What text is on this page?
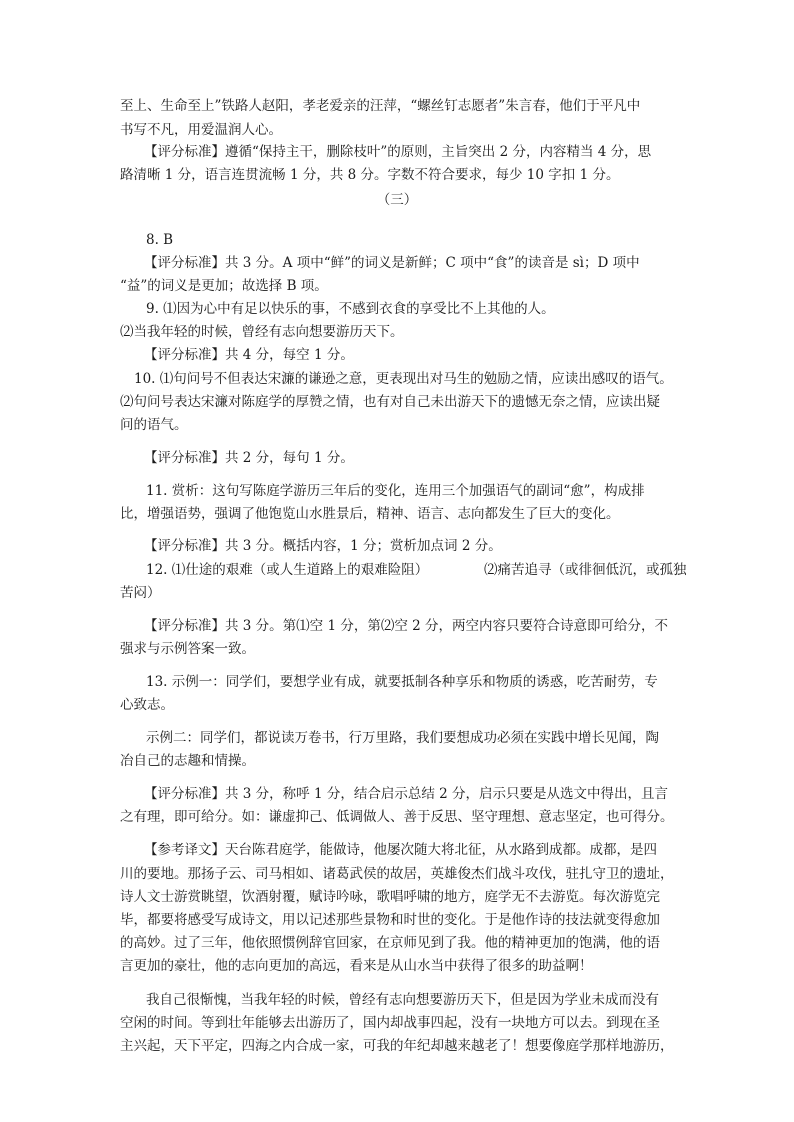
至上、生命至上”铁路人赵阳，孝老爱亲的汪萍，“螺丝钉志愿者”朱言春，他们于平凡中

书写不凡，用爱温润人心。

【评分标准】遵循“保持主干，删除枝叶”的原则，主旨突出 2 分，内容精当 4 分，思

路清晰 1 分，语言连贯流畅 1 分，共 8 分。字数不符合要求，每少 10 字扣 1 分。

（三）

8. B

【评分标准】共 3 分。A 项中“鲜”的词义是新鲜；C 项中“食”的读音是 sì；D 项中

“益”的词义是更加；故选择 B 项。

9. ⑴因为心中有足以快乐的事，不感到衣食的享受比不上其他的人。

⑵当我年轻的时候，曾经有志向想要游历天下。

【评分标准】共 4 分，每空 1 分。

10. ⑴句问号不但表达宋濂的谦逊之意，更表现出对马生的勉励之情，应读出感叹的语气。

⑵句问号表达宋濂对陈庭学的厚赞之情，也有对自己未出游天下的遗憾无奈之情，应读出疑

问的语气。

【评分标准】共 2 分，每句 1 分。

11. 赏析：这句写陈庭学游历三年后的变化，连用三个加强语气的副词“愈”，构成排

比，增强语势，强调了他饱览山水胜景后，精神、语言、志向都发生了巨大的变化。

【评分标准】共 3 分。概括内容，1 分；赏析加点词 2 分。

12. ⑴仕途的艰难（或人生道路上的艰难险阻）	⑵痛苦追寻（或徘徊低沉，或孤独

苦闷）

【评分标准】共 3 分。第⑴空 1 分，第⑵空 2 分，两空内容只要符合诗意即可给分，不

强求与示例答案一致。

13. 示例一：同学们，要想学业有成，就要抵制各种享乐和物质的诱惑，吃苦耐劳，专

心致志。

示例二：同学们，都说读万卷书，行万里路，我们要想成功必须在实践中增长见闻，陶

冶自己的志趣和情操。

【评分标准】共 3 分，称呼 1 分，结合启示总结 2 分，启示只要是从选文中得出，且言

之有理，即可给分。如：谦虚抑己、低调做人、善于反思、坚守理想、意志坚定，也可得分。

【参考译文】天台陈君庭学，能做诗，他屡次随大将北征，从水路到成都。成都，是四

川的要地。那扬子云、司马相如、诸葛武侯的故居，英雄俊杰们战斗攻伐，驻扎守卫的遗址，

诗人文士游赏眺望，饮酒射覆，赋诗吟咏，歌唱呼啸的地方，庭学无不去游览。每次游览完

毕，都要将感受写成诗文，用以记述那些景物和时世的变化。于是他作诗的技法就变得愈加

的高妙。过了三年，他依照惯例辞官回家，在京师见到了我。他的精神更加的饱满，他的语

言更加的豪壮，他的志向更加的高远，看来是从山水当中获得了很多的助益啊！

我自己很惭愧，当我年轻的时候，曾经有志向想要游历天下，但是因为学业未成而没有

空闲的时间。等到壮年能够去出游历了，国内却战事四起，没有一块地方可以去。到现在圣

主兴起，天下平定，四海之内合成一家，可我的年纪却越来越老了！想要像庭学那样地游历，
